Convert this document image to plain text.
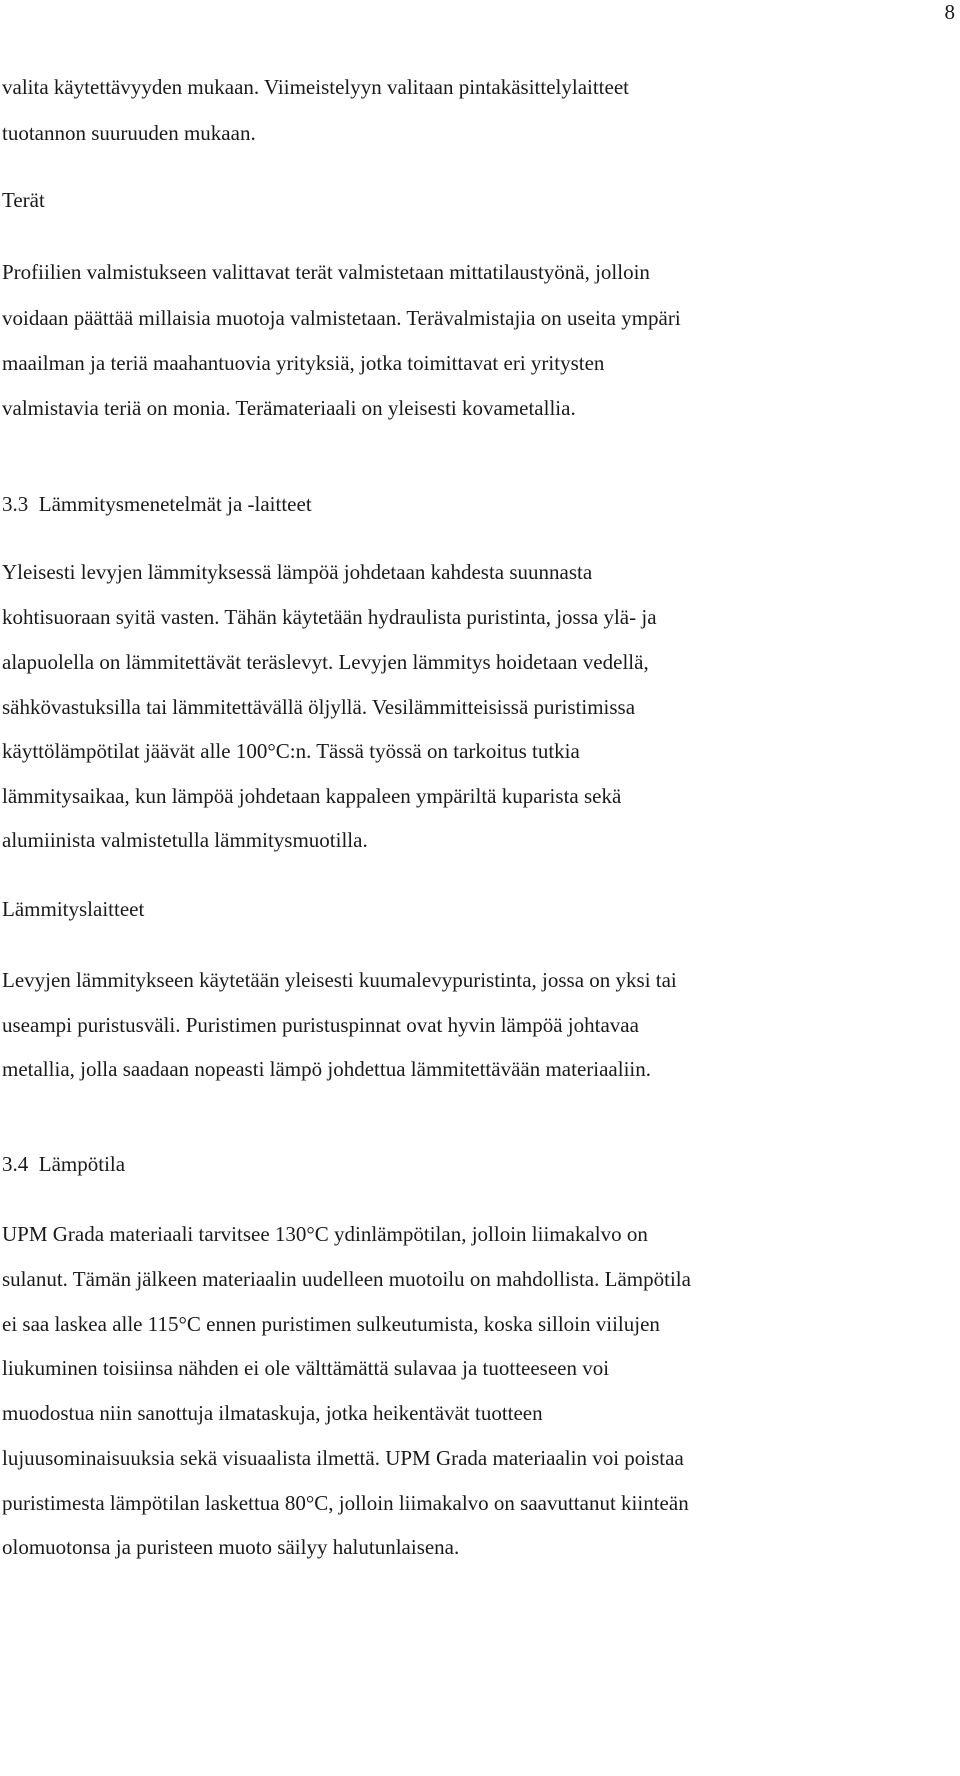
8
valita käytettävyyden mukaan. Viimeistelyyn valitaan pintakäsittelylaitteet
tuotannon suuruuden mukaan.
Terät
Profiilien valmistukseen valittavat terät valmistetaan mittatilaustyönä, jolloin
voidaan päättää millaisia muotoja valmistetaan. Terävalmistajia on useita ympäri
maailman ja teriä maahantuovia yrityksiä, jotka toimittavat eri yritysten
valmistavia teriä on monia. Terämateriaali on yleisesti kovametallia.
3.3  Lämmitysmenetelmät ja -laitteet
Yleisesti levyjen lämmityksessä lämpöä johdetaan kahdesta suunnasta
kohtisuoraan syitä vasten. Tähän käytetään hydraulista puristinta, jossa ylä- ja
alapuolella on lämmitettävät teräslevyt. Levyjen lämmitys hoidetaan vedellä,
sähkövastuksilla tai lämmitettävällä öljyllä. Vesilämmitteisissä puristimissa
käyttölämpötilat jäävät alle 100°C:n. Tässä työssä on tarkoitus tutkia
lämmitysaikaa, kun lämpöä johdetaan kappaleen ympäriltä kuparista sekä
alumiinista valmistetulla lämmitysmuotilla.
Lämmityslaitteet
Levyjen lämmitykseen käytetään yleisesti kuumalevypuristinta, jossa on yksi tai
useampi puristusväli. Puristimen puristuspinnat ovat hyvin lämpöä johtavaa
metallia, jolla saadaan nopeasti lämpö johdettua lämmitettävään materiaaliin.
3.4  Lämpötila
UPM Grada materiaali tarvitsee 130°C ydinlämpötilan, jolloin liimakalvo on
sulanut. Tämän jälkeen materiaalin uudelleen muotoilu on mahdollista. Lämpötila
ei saa laskea alle 115°C ennen puristimen sulkeutumista, koska silloin viilujen
liukuminen toisiinsa nähden ei ole välttämättä sulavaa ja tuotteeseen voi
muodostua niin sanottuja ilmataskuja, jotka heikentävät tuotteen
lujuusominaisuuksia sekä visuaalista ilmettä. UPM Grada materiaalin voi poistaa
puristimesta lämpötilan laskettua 80°C, jolloin liimakalvo on saavuttanut kiinteän
olomuotonsa ja puristeen muoto säilyy halutunlaisena.
